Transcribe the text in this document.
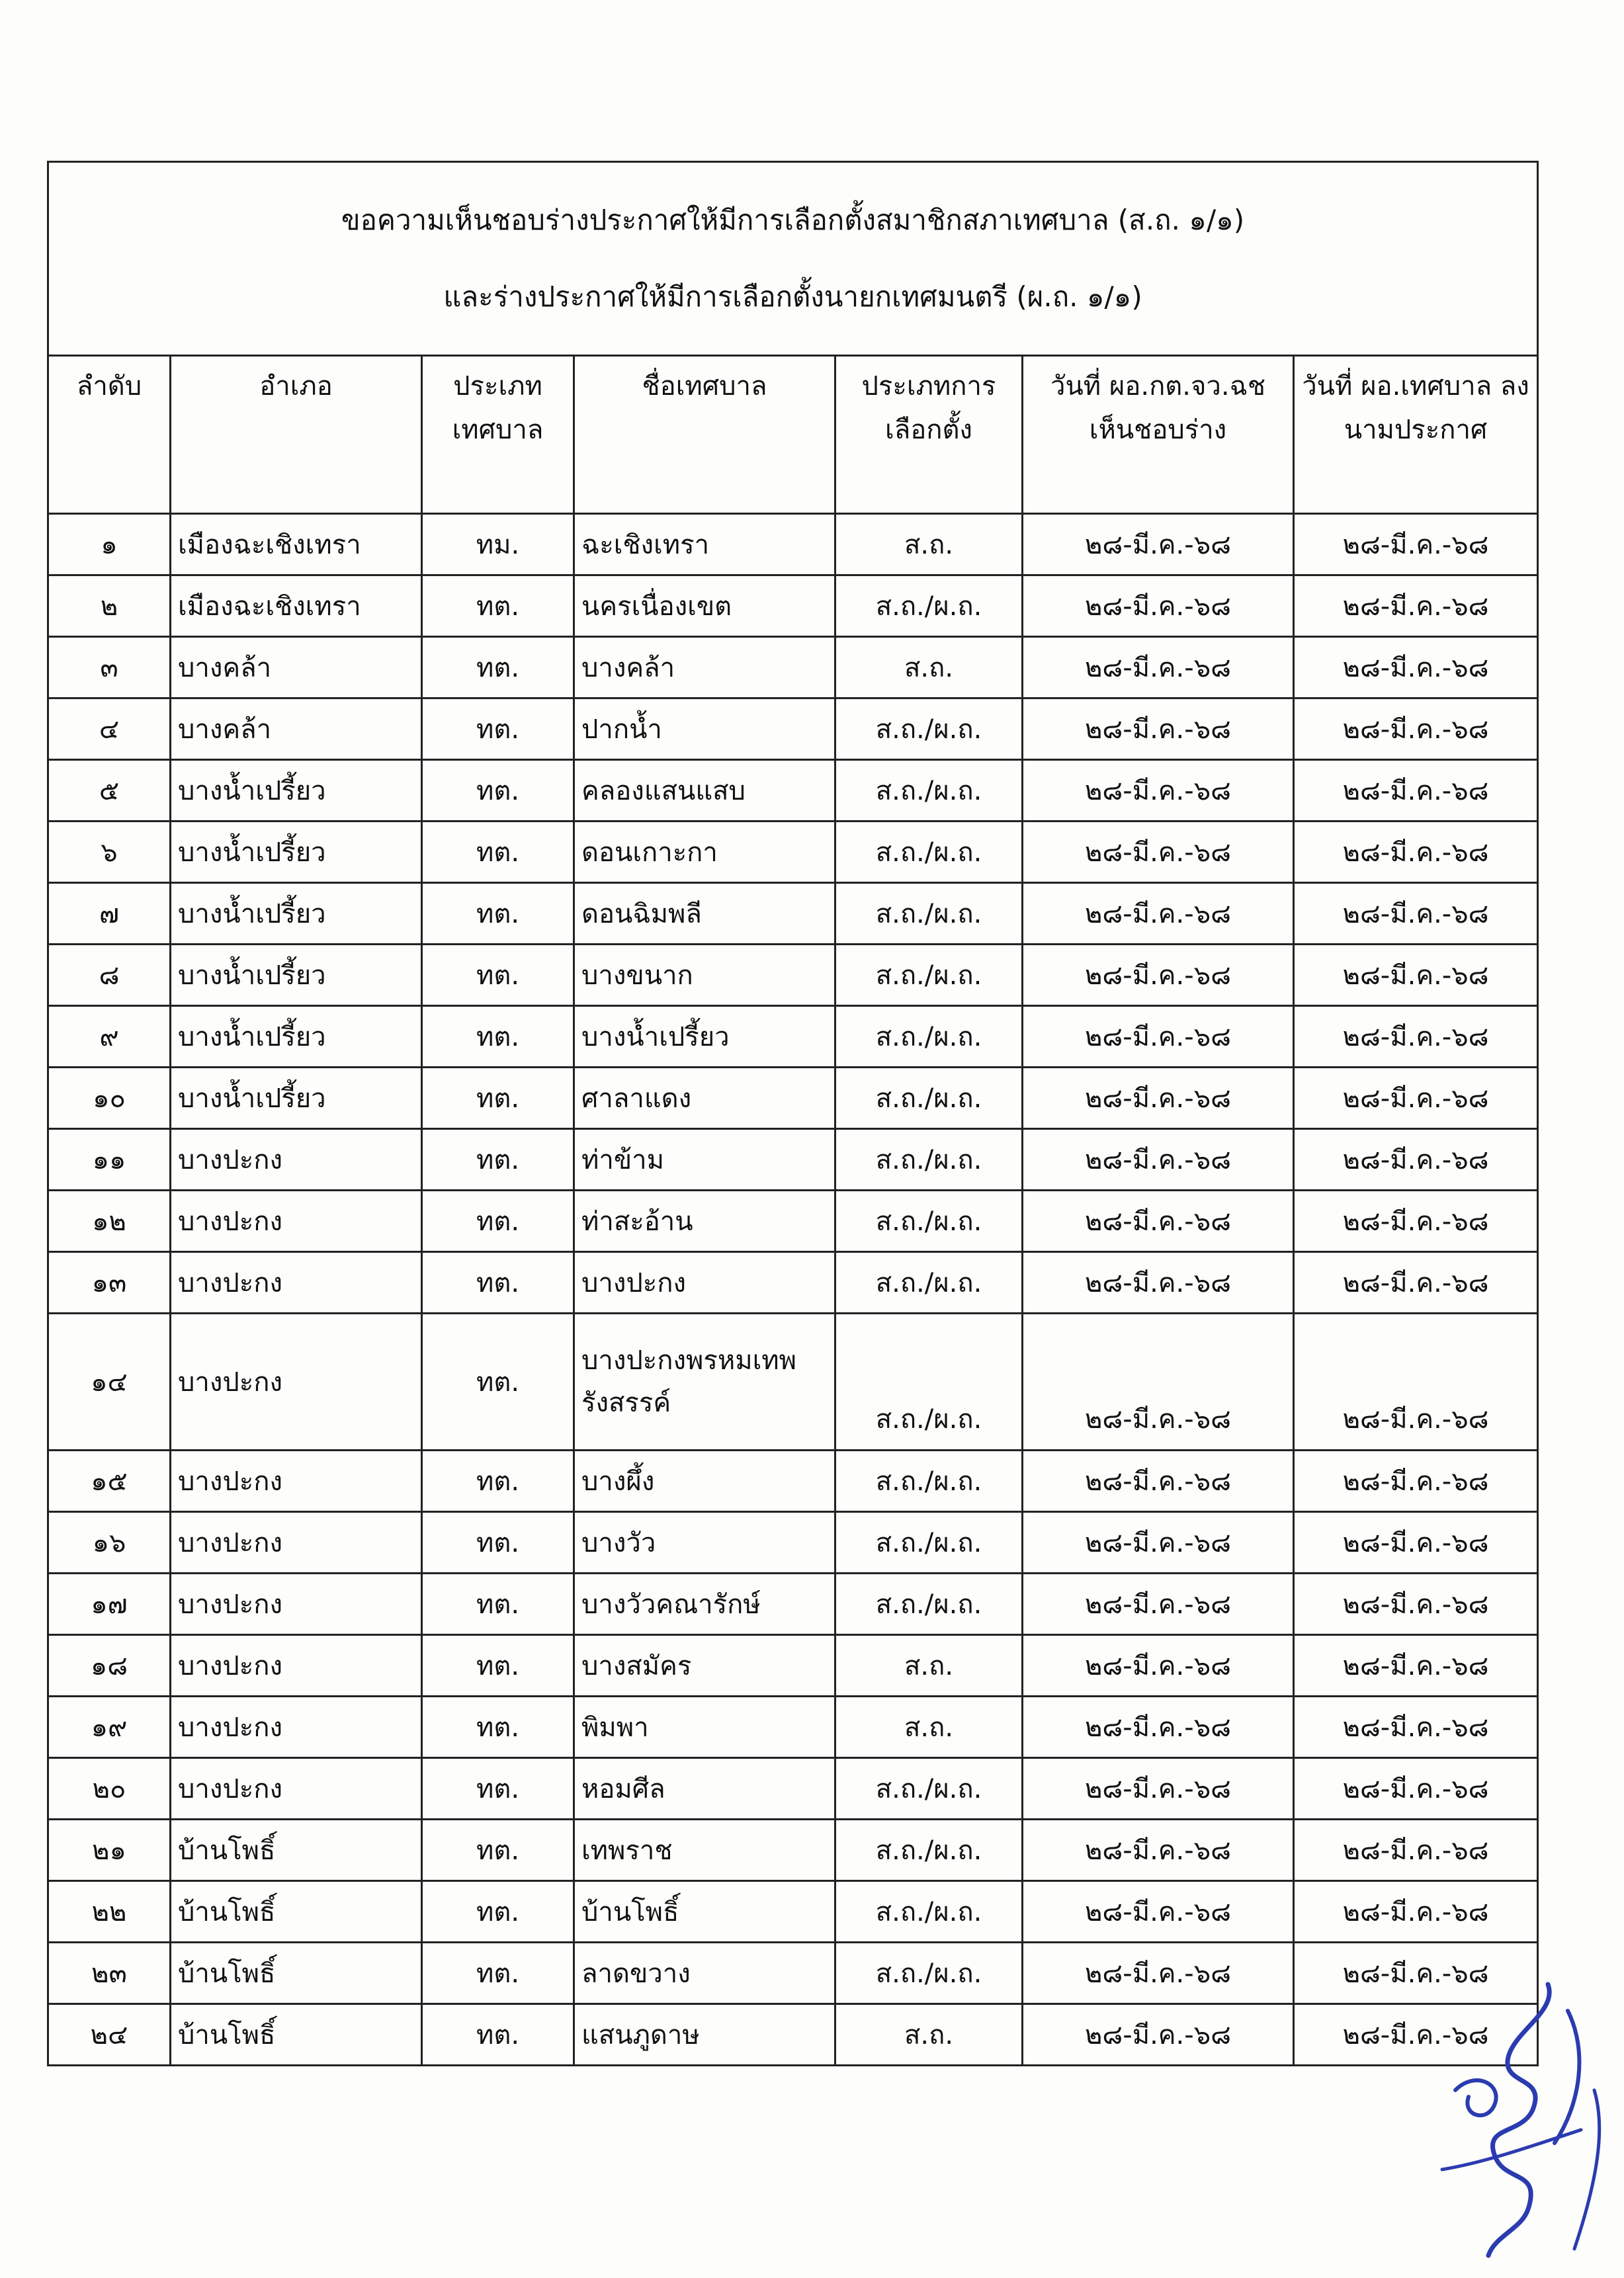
ขอความเห็นชอบร่างประกาศให้มีการเลือกตั้งสมาชิกสภาเทศบาล (ส.ถ. ๑/๑)
และร่างประกาศให้มีการเลือกตั้งนายกเทศมนตรี (ผ.ถ. ๑/๑)						

ลำดับ	อำเภอ	ประเภท เทศบาล	ชื่อเทศบาล	ประเภทการ เลือกตั้ง	วันที่ ผอ.กต.จว.ฉช เห็นชอบร่าง	วันที่ ผอ.เทศบาล ลงนามประกาศ
๑	เมืองฉะเชิงเทรา	ทม.	ฉะเชิงเทรา	ส.ถ.	๒๘-มี.ค.-๖๘	๒๘-มี.ค.-๖๘
๒	เมืองฉะเชิงเทรา	ทต.	นครเนื่องเขต	ส.ถ./ผ.ถ.	๒๘-มี.ค.-๖๘	๒๘-มี.ค.-๖๘
๓	บางคล้า	ทต.	บางคล้า	ส.ถ.	๒๘-มี.ค.-๖๘	๒๘-มี.ค.-๖๘
๔	บางคล้า	ทต.	ปากน้ำ	ส.ถ./ผ.ถ.	๒๘-มี.ค.-๖๘	๒๘-มี.ค.-๖๘
๕	บางน้ำเปรี้ยว	ทต.	คลองแสนแสบ	ส.ถ./ผ.ถ.	๒๘-มี.ค.-๖๘	๒๘-มี.ค.-๖๘
๖	บางน้ำเปรี้ยว	ทต.	ดอนเกาะกา	ส.ถ./ผ.ถ.	๒๘-มี.ค.-๖๘	๒๘-มี.ค.-๖๘
๗	บางน้ำเปรี้ยว	ทต.	ดอนฉิมพลี	ส.ถ./ผ.ถ.	๒๘-มี.ค.-๖๘	๒๘-มี.ค.-๖๘
๘	บางน้ำเปรี้ยว	ทต.	บางขนาก	ส.ถ./ผ.ถ.	๒๘-มี.ค.-๖๘	๒๘-มี.ค.-๖๘
๙	บางน้ำเปรี้ยว	ทต.	บางน้ำเปรี้ยว	ส.ถ./ผ.ถ.	๒๘-มี.ค.-๖๘	๒๘-มี.ค.-๖๘
๑๐	บางน้ำเปรี้ยว	ทต.	ศาลาแดง	ส.ถ./ผ.ถ.	๒๘-มี.ค.-๖๘	๒๘-มี.ค.-๖๘
๑๑	บางปะกง	ทต.	ท่าข้าม	ส.ถ./ผ.ถ.	๒๘-มี.ค.-๖๘	๒๘-มี.ค.-๖๘
๑๒	บางปะกง	ทต.	ท่าสะอ้าน	ส.ถ./ผ.ถ.	๒๘-มี.ค.-๖๘	๒๘-มี.ค.-๖๘
๑๓	บางปะกง	ทต.	บางปะกง	ส.ถ./ผ.ถ.	๒๘-มี.ค.-๖๘	๒๘-มี.ค.-๖๘
๑๔	บางปะกง	ทต.	บางปะกงพรหมเทพ รังสรรค์	ส.ถ./ผ.ถ.	๒๘-มี.ค.-๖๘	๒๘-มี.ค.-๖๘
๑๕	บางปะกง	ทต.	บางผึ้ง	ส.ถ./ผ.ถ.	๒๘-มี.ค.-๖๘	๒๘-มี.ค.-๖๘
๑๖	บางปะกง	ทต.	บางวัว	ส.ถ./ผ.ถ.	๒๘-มี.ค.-๖๘	๒๘-มี.ค.-๖๘
๑๗	บางปะกง	ทต.	บางวัวคณารักษ์	ส.ถ./ผ.ถ.	๒๘-มี.ค.-๖๘	๒๘-มี.ค.-๖๘
๑๘	บางปะกง	ทต.	บางสมัคร	ส.ถ.	๒๘-มี.ค.-๖๘	๒๘-มี.ค.-๖๘
๑๙	บางปะกง	ทต.	พิมพา	ส.ถ.	๒๘-มี.ค.-๖๘	๒๘-มี.ค.-๖๘
๒๐	บางปะกง	ทต.	หอมศีล	ส.ถ./ผ.ถ.	๒๘-มี.ค.-๖๘	๒๘-มี.ค.-๖๘
๒๑	บ้านโพธิ์	ทต.	เทพราช	ส.ถ./ผ.ถ.	๒๘-มี.ค.-๖๘	๒๘-มี.ค.-๖๘
๒๒	บ้านโพธิ์	ทต.	บ้านโพธิ์	ส.ถ./ผ.ถ.	๒๘-มี.ค.-๖๘	๒๘-มี.ค.-๖๘
๒๓	บ้านโพธิ์	ทต.	ลาดขวาง	ส.ถ./ผ.ถ.	๒๘-มี.ค.-๖๘	๒๘-มี.ค.-๖๘
๒๔	บ้านโพธิ์	ทต.	แสนภูดาษ	ส.ถ.	๒๘-มี.ค.-๖๘	๒๘-มี.ค.-๖๘
